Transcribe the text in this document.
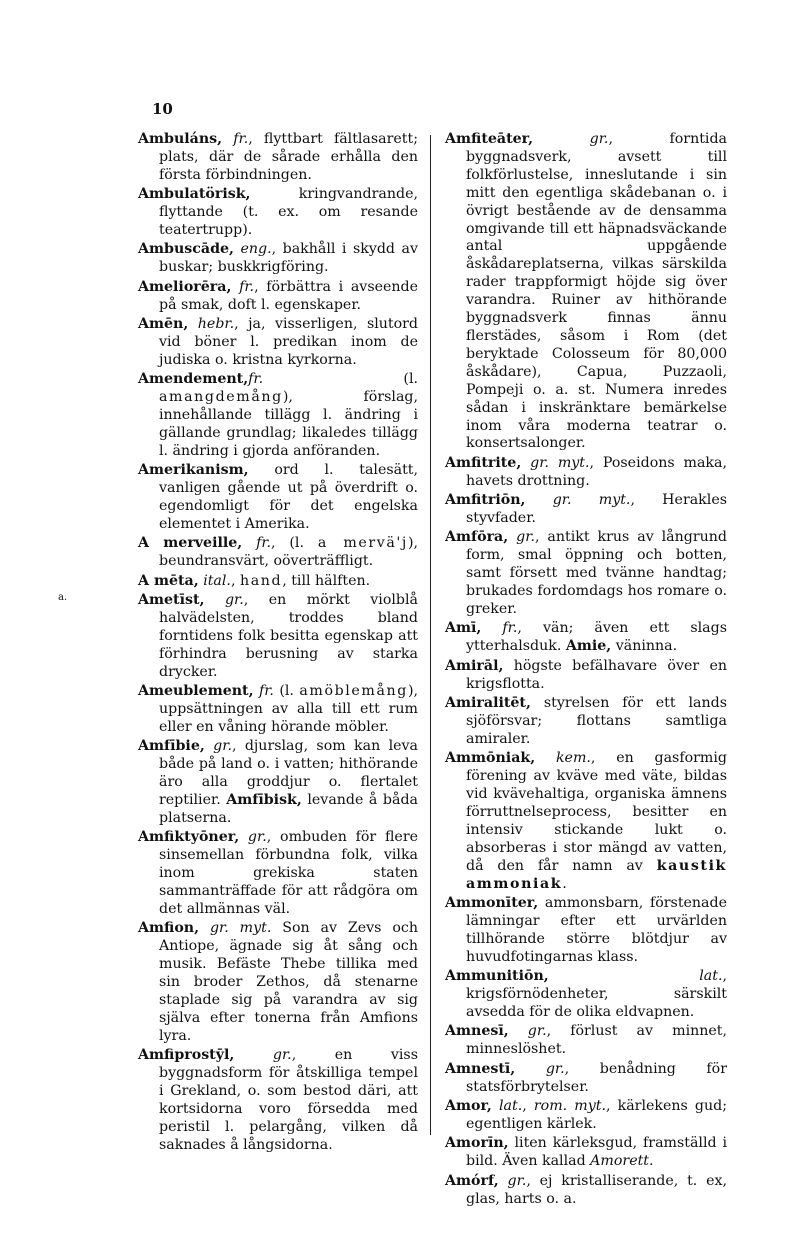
10
a.

Ambuláns, fr., flyttbart fältlasarett; plats, där de sårade erhålla den första förbindningen.

Ambulatörisk, kringvandrande, flyttande (t. ex. om resande teatertrupp).

Ambuscāde, eng., bakhåll i skydd av buskar; buskkrigföring.

Ameliorēra, fr., förbättra i avseende på smak, doft l. egenskaper.

Amēn, hebr., ja, visserligen, slutord vid böner l. predikan inom de judiska o. kristna kyrkorna.

Amendement,fr. (l. amangdemång), förslag, innehållande tillägg l. ändring i gällande grundlag; likaledes tillägg l. ändring i gjorda anföranden.

Amerikanism, ord l. talesätt, vanligen gående ut på överdrift o. egendomligt för det engelska elementet i Amerika.

A merveille, fr., (l. a mervä'j), beundransvärt, oöverträffligt.

A mēta, ital., hand, till hälften.

Ametīst, gr., en mörkt violblå halvädelsten, troddes bland forntidens folk besitta egenskap att förhindra berusning av starka drycker.

Ameublement, fr. (l. amöblemång), uppsättningen av alla till ett rum eller en våning hörande möbler.

Amfībie, gr., djurslag, som kan leva både på land o. i vatten; hithörande äro alla groddjur o. flertalet reptilier. Amfībisk, levande å båda platserna.

Amfiktyōner, gr., ombuden för flere sinsemellan förbundna folk, vilka inom grekiska staten sammanträffade för att rådgöra om det allmännas väl.

Amfion, gr. myt. Son av Zevs och Antiope, ägnade sig åt sång och musik. Befäste Thebe tillika med sin broder Zethos, då stenarne staplade sig på varandra av sig själva efter tonerna från Amfions lyra.

Amfiprostȳl,	gr., en viss byggnadsform för åtskilliga tempel i Grekland, o. som bestod däri, att kortsidorna voro försedda med peristil l. pelargång, vilken då saknades å långsidorna.

Amfiteāter,	gr., forntida byggnadsverk, avsett till folkförlustelse, inneslutande i sin mitt den egentliga skådebanan o. i övrigt bestående av de densamma omgivande till ett häpnadsväckande antal uppgående åskådareplatserna, vilkas särskilda rader trappformigt höjde sig över varandra. Ruiner av hithörande byggnadsverk finnas ännu flerstädes, såsom i Rom (det beryktade Colosseum för 80,000 åskådare), Capua, Puzzaoli, Pompeji o. a. st. Numera inredes sådan i inskränktare bemärkelse inom våra moderna teatrar o. konsertsalonger.

Amfitrite, gr. myt., Poseidons maka, havets drottning.

Amfitriōn, gr. myt., Herakles styvfader.

Amfōra, gr., antikt krus av långrund form, smal öppning och botten, samt försett med tvänne handtag; brukades fordomdags hos romare o. greker.

Amī, fr., vän; även ett slags ytterhalsduk. Amie, väninna.

Amirāl, högste befälhavare över en krigsflotta.

Amiralitēt, styrelsen för ett lands sjöförsvar; flottans samtliga amiraler.

Ammōniak, kem., en gasformig förening av kväve med väte, bildas vid kvävehaltiga, organiska ämnens förruttnelseprocess, besitter en intensiv stickande lukt o. absorberas i stor mängd av vatten, då den får namn av kaustik ammoniak.

Ammonīter, ammonsbarn, förstenade lämningar efter ett urvärlden tillhörande större blötdjur av huvudfotingarnas klass.

Ammunitiōn,	lat., krigsförnödenheter, särskilt avsedda för de olika eldvapnen.

Amnesī, gr., förlust av minnet, minneslöshet.

Amnestī, gr., benådning för statsförbrytelser.

Amor, lat., rom. myt., kärlekens gud; egentligen kärlek.

Amorīn, liten kärleksgud, framställd i bild. Även kallad Amorett.

Amórf, gr., ej kristalliserande, t. ex, glas, harts o. a.
